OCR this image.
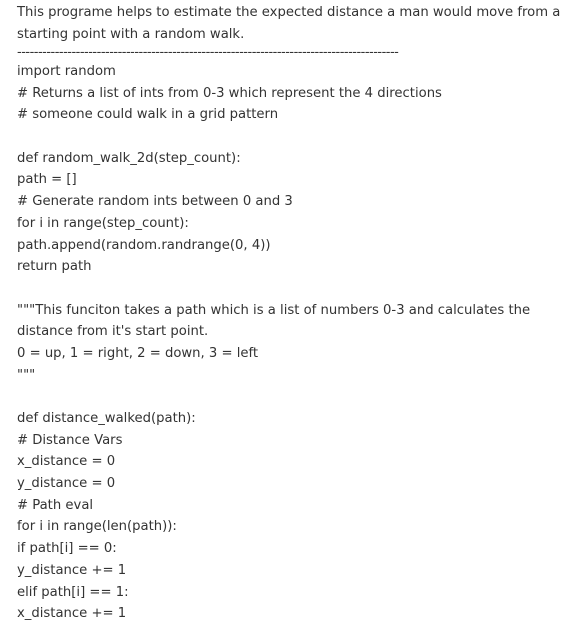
This programe helps to estimate the expected distance a man would move from a starting point with a random walk.

-------------------------------------------------------------------------------------------
import random
# Returns a list of ints from 0-3 which represent the 4 directions
# someone could walk in a grid pattern
def random_walk_2d(step_count):
path = []
# Generate random ints between 0 and 3
for i in range(step_count):
path.append(random.randrange(0, 4))
return path

"""This funciton takes a path which is a list of numbers 0-3 and calculates the distance from it's start point.

0 = up, 1 = right, 2 = down, 3 = left
"""
def distance_walked(path):
# Distance Vars
x_distance = 0
y_distance = 0
# Path eval
for i in range(len(path)):
if path[i] == 0:
y_distance += 1
elif path[i] == 1:
x_distance += 1
